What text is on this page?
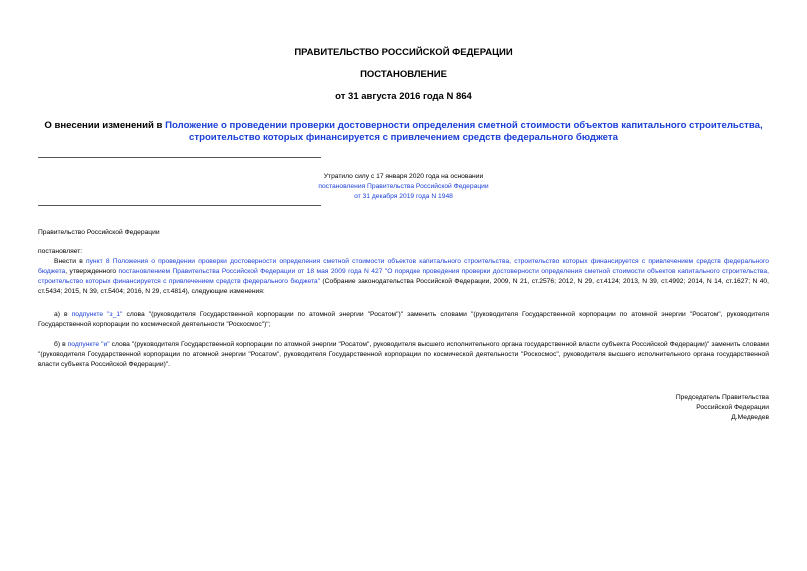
ПРАВИТЕЛЬСТВО РОССИЙСКОЙ ФЕДЕРАЦИИ
ПОСТАНОВЛЕНИЕ
от 31 августа 2016 года N 864
О внесении изменений в Положение о проведении проверки достоверности определения сметной стоимости объектов капитального строительства,
строительство которых финансируется с привлечением средств федерального бюджета
Утратило силу с 17 января 2020 года на основании
постановления Правительства Российской Федерации
от 31 декабря 2019 года N 1948
Правительство Российской Федерации
постановляет:
Внести в пункт 8 Положения о проведении проверки достоверности определения сметной стоимости объектов капитального строительства, строительство которых финансируется с привлечением средств федерального бюджета, утвержденного постановлением Правительства Российской Федерации от 18 мая 2009 года N 427 "О порядке проведения проверки достоверности определения сметной стоимости объектов капитального строительства, строительство которых финансируется с привлечением средств федерального бюджета" (Собрание законодательства Российской Федерации, 2009, N 21, ст.2576; 2012, N 29, ст.4124; 2013, N 39, ст.4992; 2014, N 14, ст.1627; N 40, ст.5434; 2015, N 39, ст.5404; 2016, N 29, ст.4814), следующие изменения:
а) в подпункте "з_1" слова "(руководителя Государственной корпорации по атомной энергии "Росатом")" заменить словами "(руководителя Государственной корпорации по атомной энергии "Росатом", руководителя Государственной корпорации по космической деятельности "Роскосмос")";
б) в подпункте "и" слова "(руководителя Государственной корпорации по атомной энергии "Росатом", руководителя высшего исполнительного органа государственной власти субъекта Российской Федерации)" заменить словами "(руководителя Государственной корпорации по атомной энергии "Росатом", руководителя Государственной корпорации по космической деятельности "Роскосмос", руководителя высшего исполнительного органа государственной власти субъекта Российской Федерации)".
Председатель Правительства
Российской Федерации
Д.Медведев
